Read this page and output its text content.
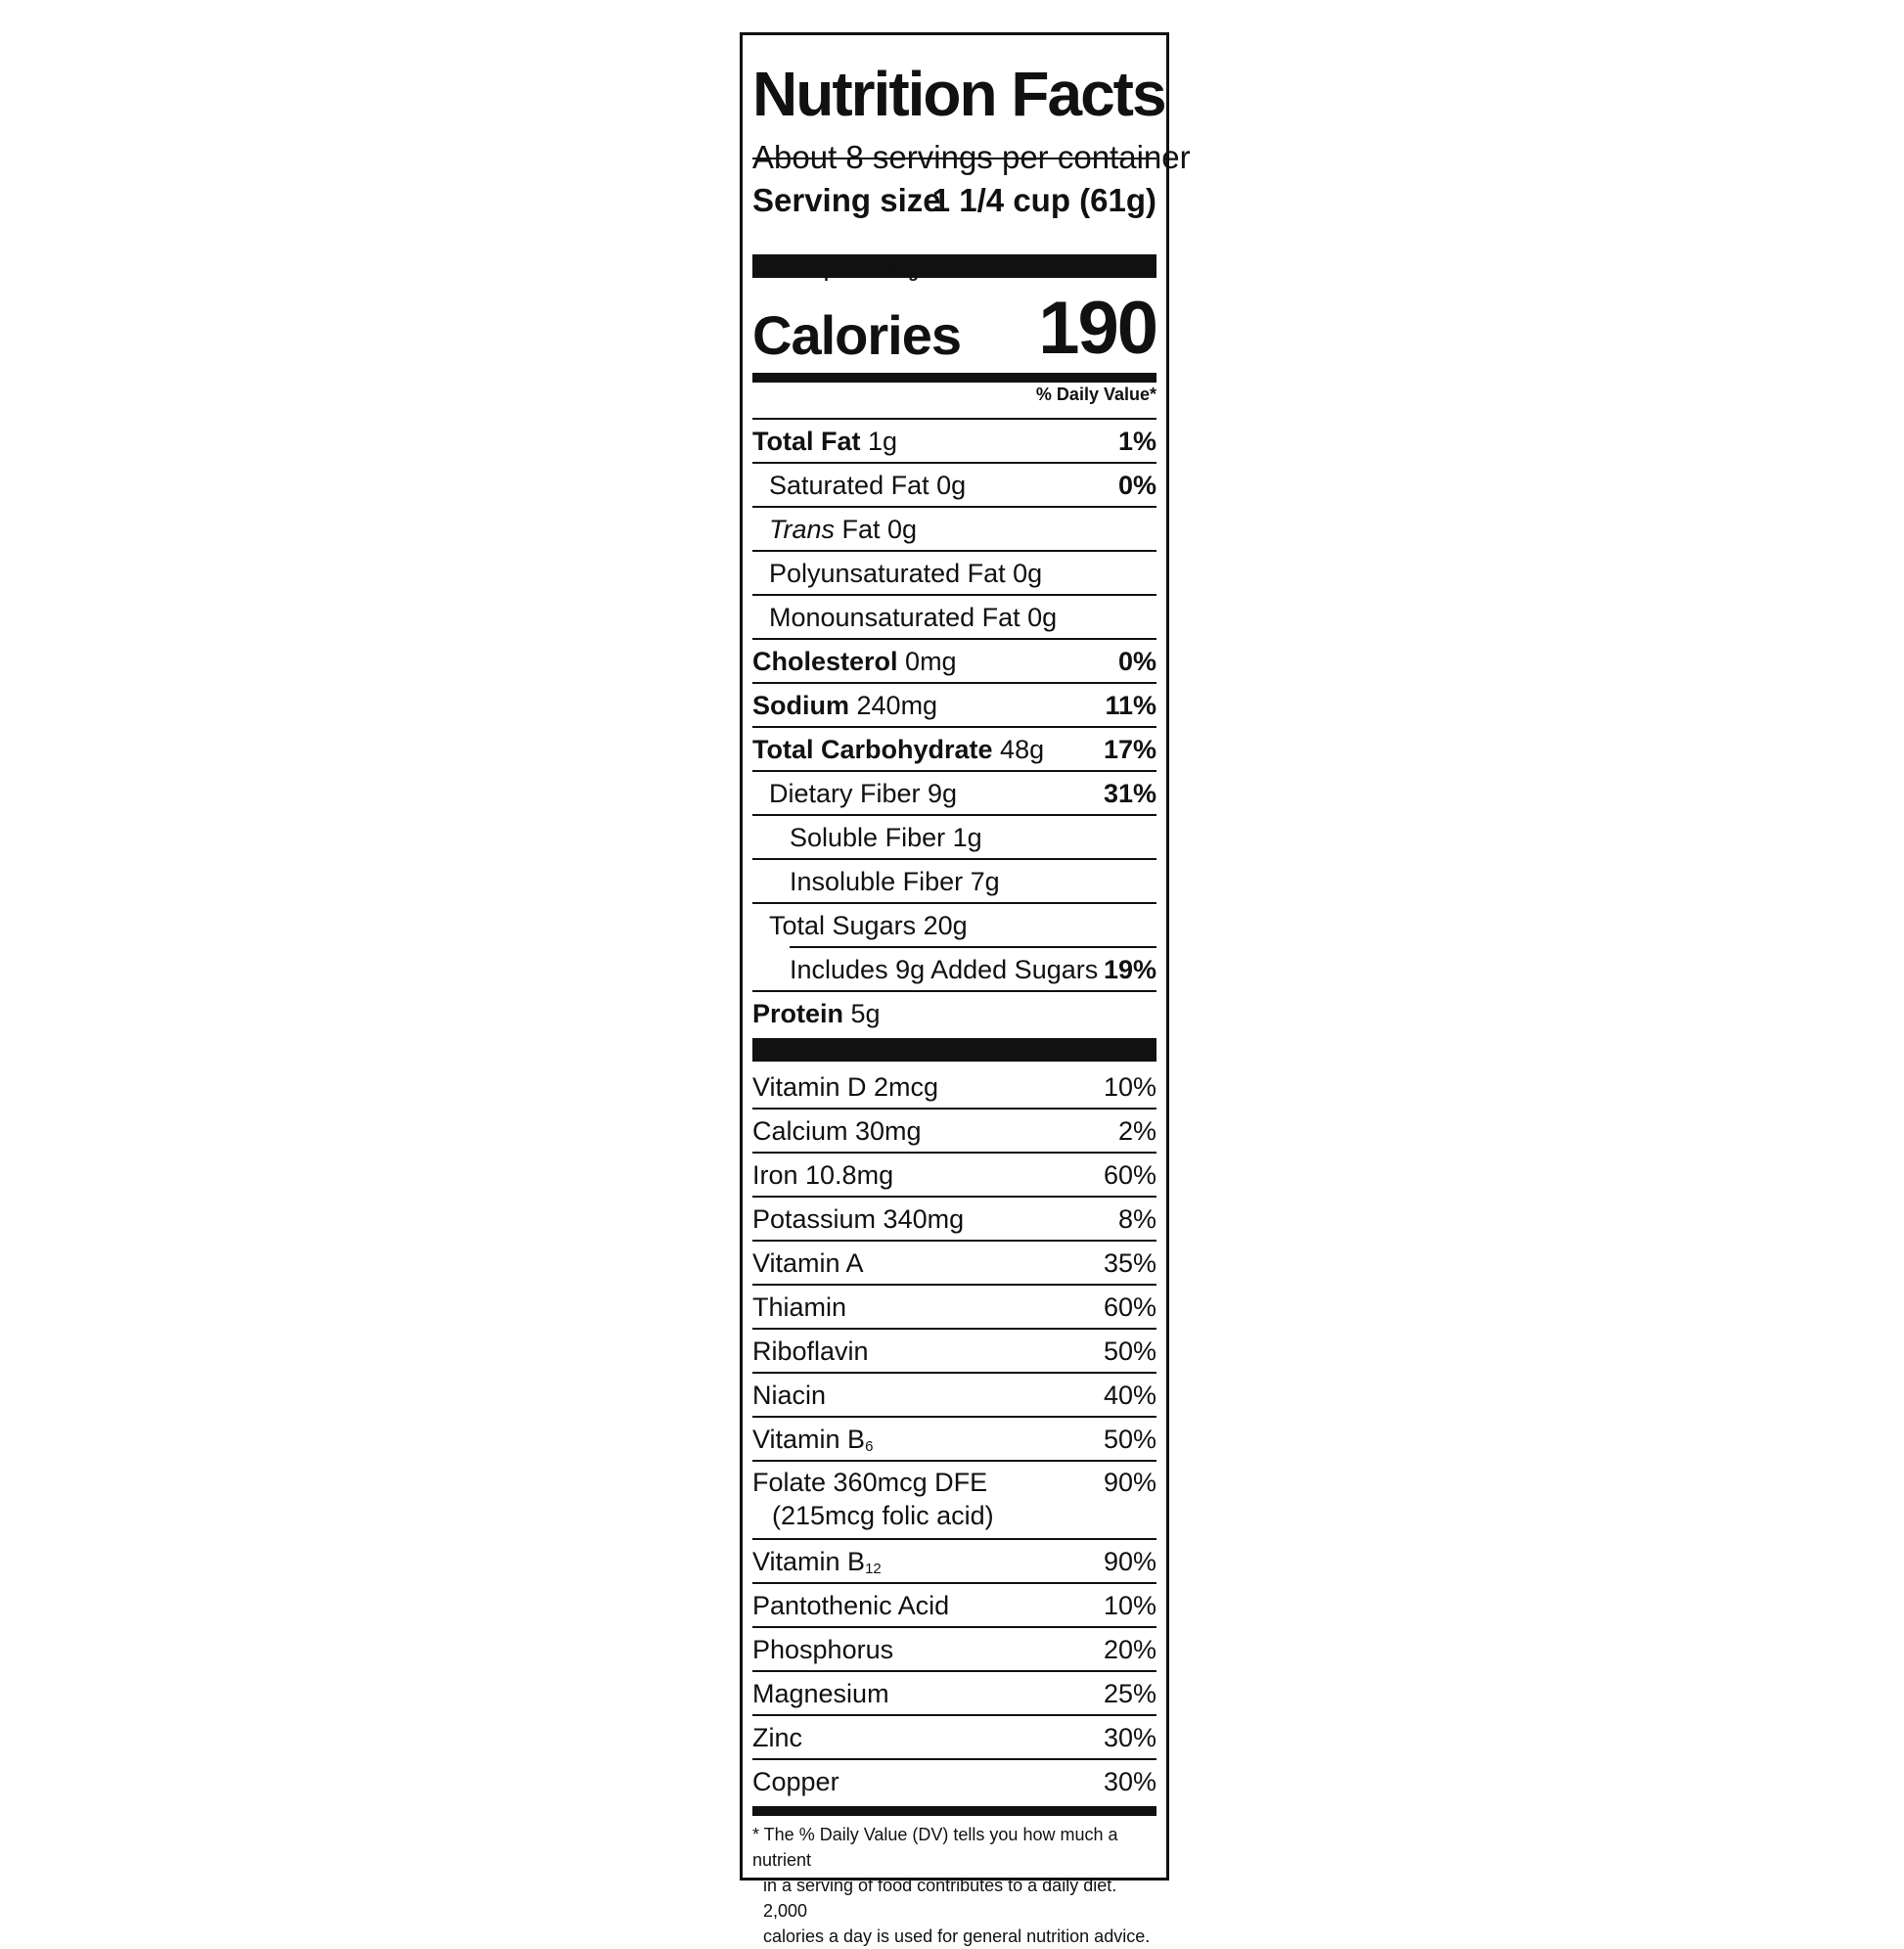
Nutrition Facts
About 8 servings per container
Serving size
1 1/4 cup (61g)
Amount per serving
Calories 190
% Daily Value*
Total Fat 1g	1%
Saturated Fat 0g	0%
Trans Fat 0g
Polyunsaturated Fat 0g
Monounsaturated Fat 0g
Cholesterol 0mg	0%
Sodium 240mg	11%
Total Carbohydrate 48g 17%
Dietary Fiber 9g	31%
Soluble Fiber 1g
Insoluble Fiber 7g
Total Sugars 20g
Includes 9g Added Sugars 19%
Protein 5g
Vitamin D 2mcg	10%
Calcium 30mg	2%
Iron 10.8mg	60%
Potassium 340mg	8%
Vitamin A	35%
Thiamin	60%
Riboflavin	50%
Niacin	40%
Vitamin $B_6$	50%
Folate 360mcg DFE
(215mcg folic acid)
90%
Vitamin $B_{12}$	90%
Pantothenic Acid	10%
Phosphorus	20%
Magnesium	25%
Zinc	30%
Copper	30%
* The % Daily Value (DV) tells you how much a nutrient
in a serving of food contributes to a daily diet. 2,000
calories a day is used for general nutrition advice.
